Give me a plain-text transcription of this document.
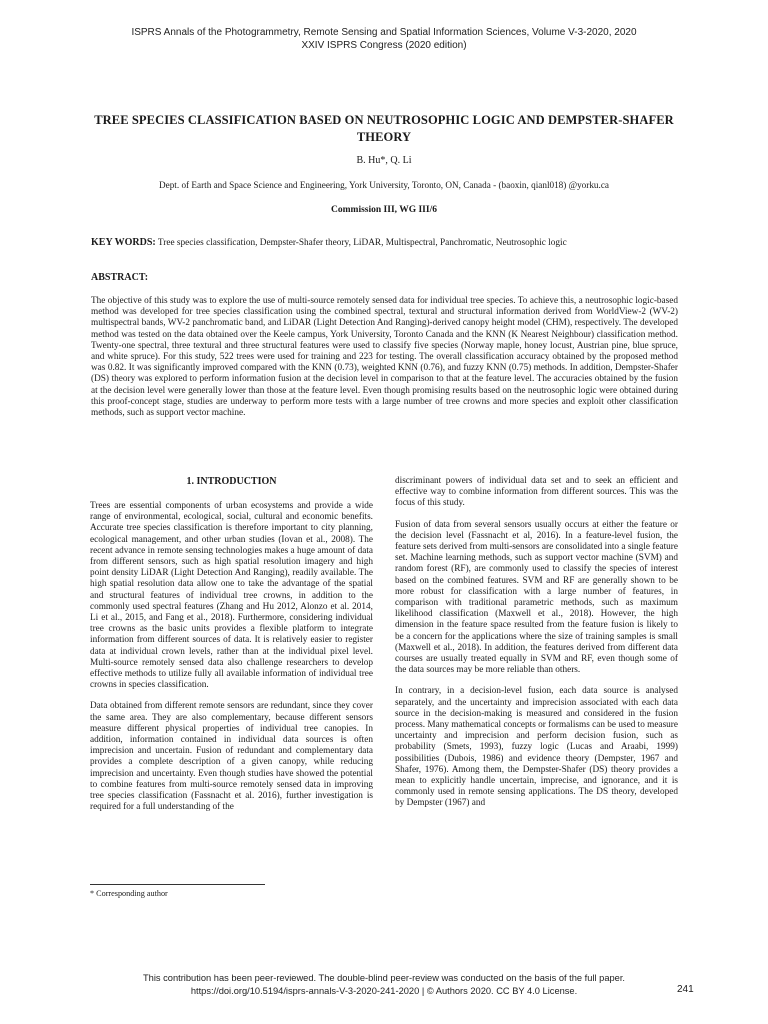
ISPRS Annals of the Photogrammetry, Remote Sensing and Spatial Information Sciences, Volume V-3-2020, 2020
XXIV ISPRS Congress (2020 edition)
TREE SPECIES CLASSIFICATION BASED ON NEUTROSOPHIC LOGIC AND DEMPSTER-SHAFER THEORY
B. Hu*, Q. Li
Dept. of Earth and Space Science and Engineering, York University, Toronto, ON, Canada - (baoxin, qianl018) @yorku.ca
Commission III, WG III/6
KEY WORDS: Tree species classification, Dempster-Shafer theory, LiDAR, Multispectral, Panchromatic, Neutrosophic logic
ABSTRACT:

The objective of this study was to explore the use of multi-source remotely sensed data for individual tree species. To achieve this, a neutrosophic logic-based method was developed for tree species classification using the combined spectral, textural and structural information derived from WorldView-2 (WV-2) multispectral bands, WV-2 panchromatic band, and LiDAR (Light Detection And Ranging)-derived canopy height model (CHM), respectively. The developed method was tested on the data obtained over the Keele campus, York University, Toronto Canada and the KNN (K Nearest Neighbour) classification method. Twenty-one spectral, three textural and three structural features were used to classify five species (Norway maple, honey locust, Austrian pine, blue spruce, and white spruce). For this study, 522 trees were used for training and 223 for testing. The overall classification accuracy obtained by the proposed method was 0.82. It was significantly improved compared with the KNN (0.73), weighted KNN (0.76), and fuzzy KNN (0.75) methods. In addition, Dempster-Shafer (DS) theory was explored to perform information fusion at the decision level in comparison to that at the feature level. The accuracies obtained by the fusion at the decision level were generally lower than those at the feature level. Even though promising results based on the neutrosophic logic were obtained during this proof-concept stage, studies are underway to perform more tests with a large number of tree crowns and more species and exploit other classification methods, such as support vector machine.

1. INTRODUCTION

Trees are essential components of urban ecosystems and provide a wide range of environmental, ecological, social, cultural and economic benefits. Accurate tree species classification is therefore important to city planning, ecological management, and other urban studies (Iovan et al., 2008). The recent advance in remote sensing technologies makes a huge amount of data from different sensors, such as high spatial resolution imagery and high point density LiDAR (Light Detection And Ranging), readily available. The high spatial resolution data allow one to take the advantage of the spatial and structural features of individual tree crowns, in addition to the commonly used spectral features (Zhang and Hu 2012, Alonzo et al. 2014, Li et al., 2015, and Fang et al., 2018). Furthermore, considering individual tree crowns as the basic units provides a flexible platform to integrate information from different sources of data. It is relatively easier to register data at individual crown levels, rather than at the individual pixel level. Multi-source remotely sensed data also challenge researchers to develop effective methods to utilize fully all available information of individual tree crowns in species classification.

Data obtained from different remote sensors are redundant, since they cover the same area. They are also complementary, because different sensors measure different physical properties of individual tree canopies. In addition, information contained in individual data sources is often imprecision and uncertain. Fusion of redundant and complementary data provides a complete description of a given canopy, while reducing imprecision and uncertainty. Even though studies have showed the potential to combine features from multi-source remotely sensed data in improving tree species classification (Fassnacht et al. 2016), further investigation is required for a full understanding of the

discriminant powers of individual data set and to seek an efficient and effective way to combine information from different sources. This was the focus of this study.

Fusion of data from several sensors usually occurs at either the feature or the decision level (Fassnacht et al, 2016). In a feature-level fusion, the feature sets derived from multi-sensors are consolidated into a single feature set. Machine learning methods, such as support vector machine (SVM) and random forest (RF), are commonly used to classify the species of interest based on the combined features. SVM and RF are generally shown to be more robust for classification with a large number of features, in comparison with traditional parametric methods, such as maximum likelihood classification (Maxwell et al., 2018). However, the high dimension in the feature space resulted from the feature fusion is likely to be a concern for the applications where the size of training samples is small (Maxwell et al., 2018). In addition, the features derived from different data courses are usually treated equally in SVM and RF, even though some of the data sources may be more reliable than others.

In contrary, in a decision-level fusion, each data source is analysed separately, and the uncertainty and imprecision associated with each data source in the decision-making is measured and considered in the fusion process. Many mathematical concepts or formalisms can be used to measure uncertainty and imprecision and perform decision fusion, such as probability (Smets, 1993), fuzzy logic (Lucas and Araabi, 1999) possibilities (Dubois, 1986) and evidence theory (Dempster, 1967 and Shafer, 1976). Among them, the Dempster-Shafer (DS) theory provides a mean to explicitly handle uncertain, imprecise, and ignorance, and it is commonly used in remote sensing applications. The DS theory, developed by Dempster (1967) and

* Corresponding author
This contribution has been peer-reviewed. The double-blind peer-review was conducted on the basis of the full paper.
https://doi.org/10.5194/isprs-annals-V-3-2020-241-2020 | © Authors 2020. CC BY 4.0 License.	241
